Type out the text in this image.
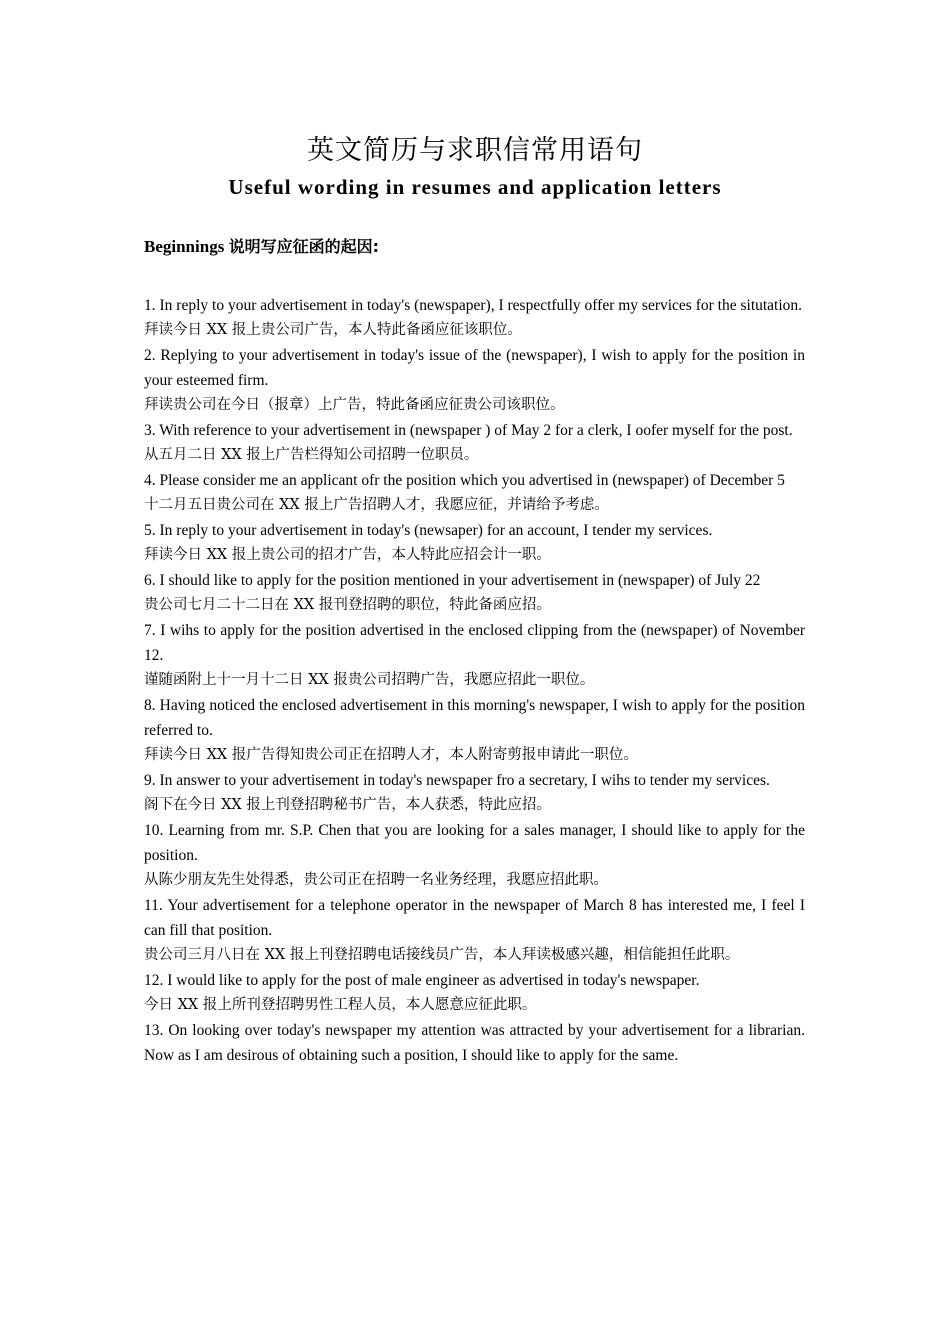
英文简历与求职信常用语句
Useful wording in resumes and application letters
Beginnings 说明写应征函的起因:
1. In reply to your advertisement in today's (newspaper), I respectfully offer my services for the situtation.
拜读今日 XX 报上贵公司广告，本人特此备函应征该职位。
2. Replying to your advertisement in today's issue of the (newspaper), I wish to apply for the position in your esteemed firm.
拜读贵公司在今日（报章）上广告，特此备函应征贵公司该职位。
3. With reference to your advertisement in (newspaper ) of May 2 for a clerk, I oofer myself for the post.
从五月二日 XX 报上广告栏得知公司招聘一位职员。
4. Please consider me an applicant ofr the position which you advertised in (newspaper) of December 5
十二月五日贵公司在 XX 报上广告招聘人才，我愿应征，并请给予考虑。
5. In reply to your advertisement in today's (newsaper) for an account, I tender my services.
拜读今日 XX 报上贵公司的招才广告，本人特此应招会计一职。
6. I should like to apply for the position mentioned in your advertisement in (newspaper) of July 22
贵公司七月二十二日在 XX 报刊登招聘的职位，特此备函应招。
7. I wihs to apply for the position advertised in the enclosed clipping from the (newspaper) of November 12.
谨随函附上十一月十二日 XX 报贵公司招聘广告，我愿应招此一职位。
8. Having noticed the enclosed advertisement in this morning's newspaper, I wish to apply for the position referred to.
拜读今日 XX 报广告得知贵公司正在招聘人才，本人附寄剪报申请此一职位。
9. In answer to your advertisement in today's newspaper fro a secretary, I wihs to tender my services.
阁下在今日 XX 报上刊登招聘秘书广告，本人获悉，特此应招。
10. Learning from mr. S.P. Chen that you are looking for a sales manager, I should like to apply for the position.
从陈少朋友先生处得悉，贵公司正在招聘一名业务经理，我愿应招此职。
11. Your advertisement for a telephone operator in the newspaper of March 8 has interested me, I feel I can fill that position.
贵公司三月八日在 XX 报上刊登招聘电话接线员广告，本人拜读极感兴趣，相信能担任此职。
12. I would like to apply for the post of male engineer as advertised in today's newspaper.
今日 XX 报上所刊登招聘男性工程人员，本人愿意应征此职。
13. On looking over today's newspaper my attention was attracted by your advertisement for a librarian. Now as I am desirous of obtaining such a position, I should like to apply for the same.
